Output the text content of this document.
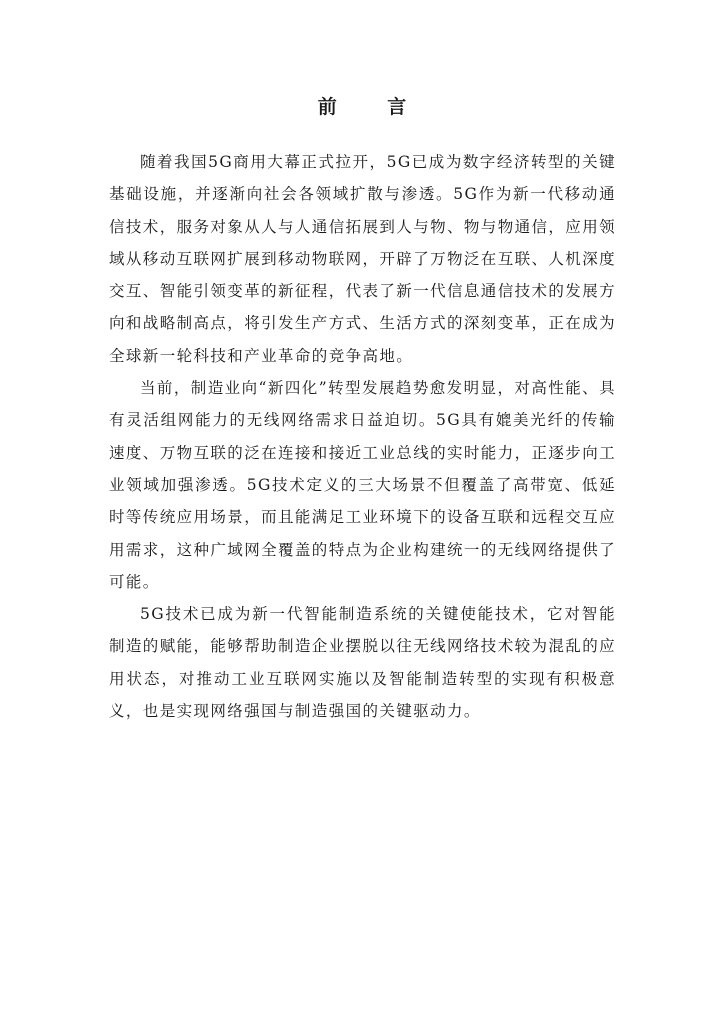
前 言

随着我国5G商用大幕正式拉开，5G已成为数字经济转型的关键基础设施，并逐渐向社会各领域扩散与渗透。5G作为新一代移动通信技术，服务对象从人与人通信拓展到人与物、物与物通信，应用领域从移动互联网扩展到移动物联网，开辟了万物泛在互联、人机深度交互、智能引领变革的新征程，代表了新一代信息通信技术的发展方向和战略制高点，将引发生产方式、生活方式的深刻变革，正在成为全球新一轮科技和产业革命的竞争高地。

当前，制造业向“新四化”转型发展趋势愈发明显，对高性能、具有灵活组网能力的无线网络需求日益迫切。5G具有媲美光纤的传输速度、万物互联的泛在连接和接近工业总线的实时能力，正逐步向工业领域加强渗透。5G技术定义的三大场景不但覆盖了高带宽、低延时等传统应用场景，而且能满足工业环境下的设备互联和远程交互应用需求，这种广域网全覆盖的特点为企业构建统一的无线网络提供了可能。

5G技术已成为新一代智能制造系统的关键使能技术，它对智能制造的赋能，能够帮助制造企业摆脱以往无线网络技术较为混乱的应用状态，对推动工业互联网实施以及智能制造转型的实现有积极意义，也是实现网络强国与制造强国的关键驱动力。
